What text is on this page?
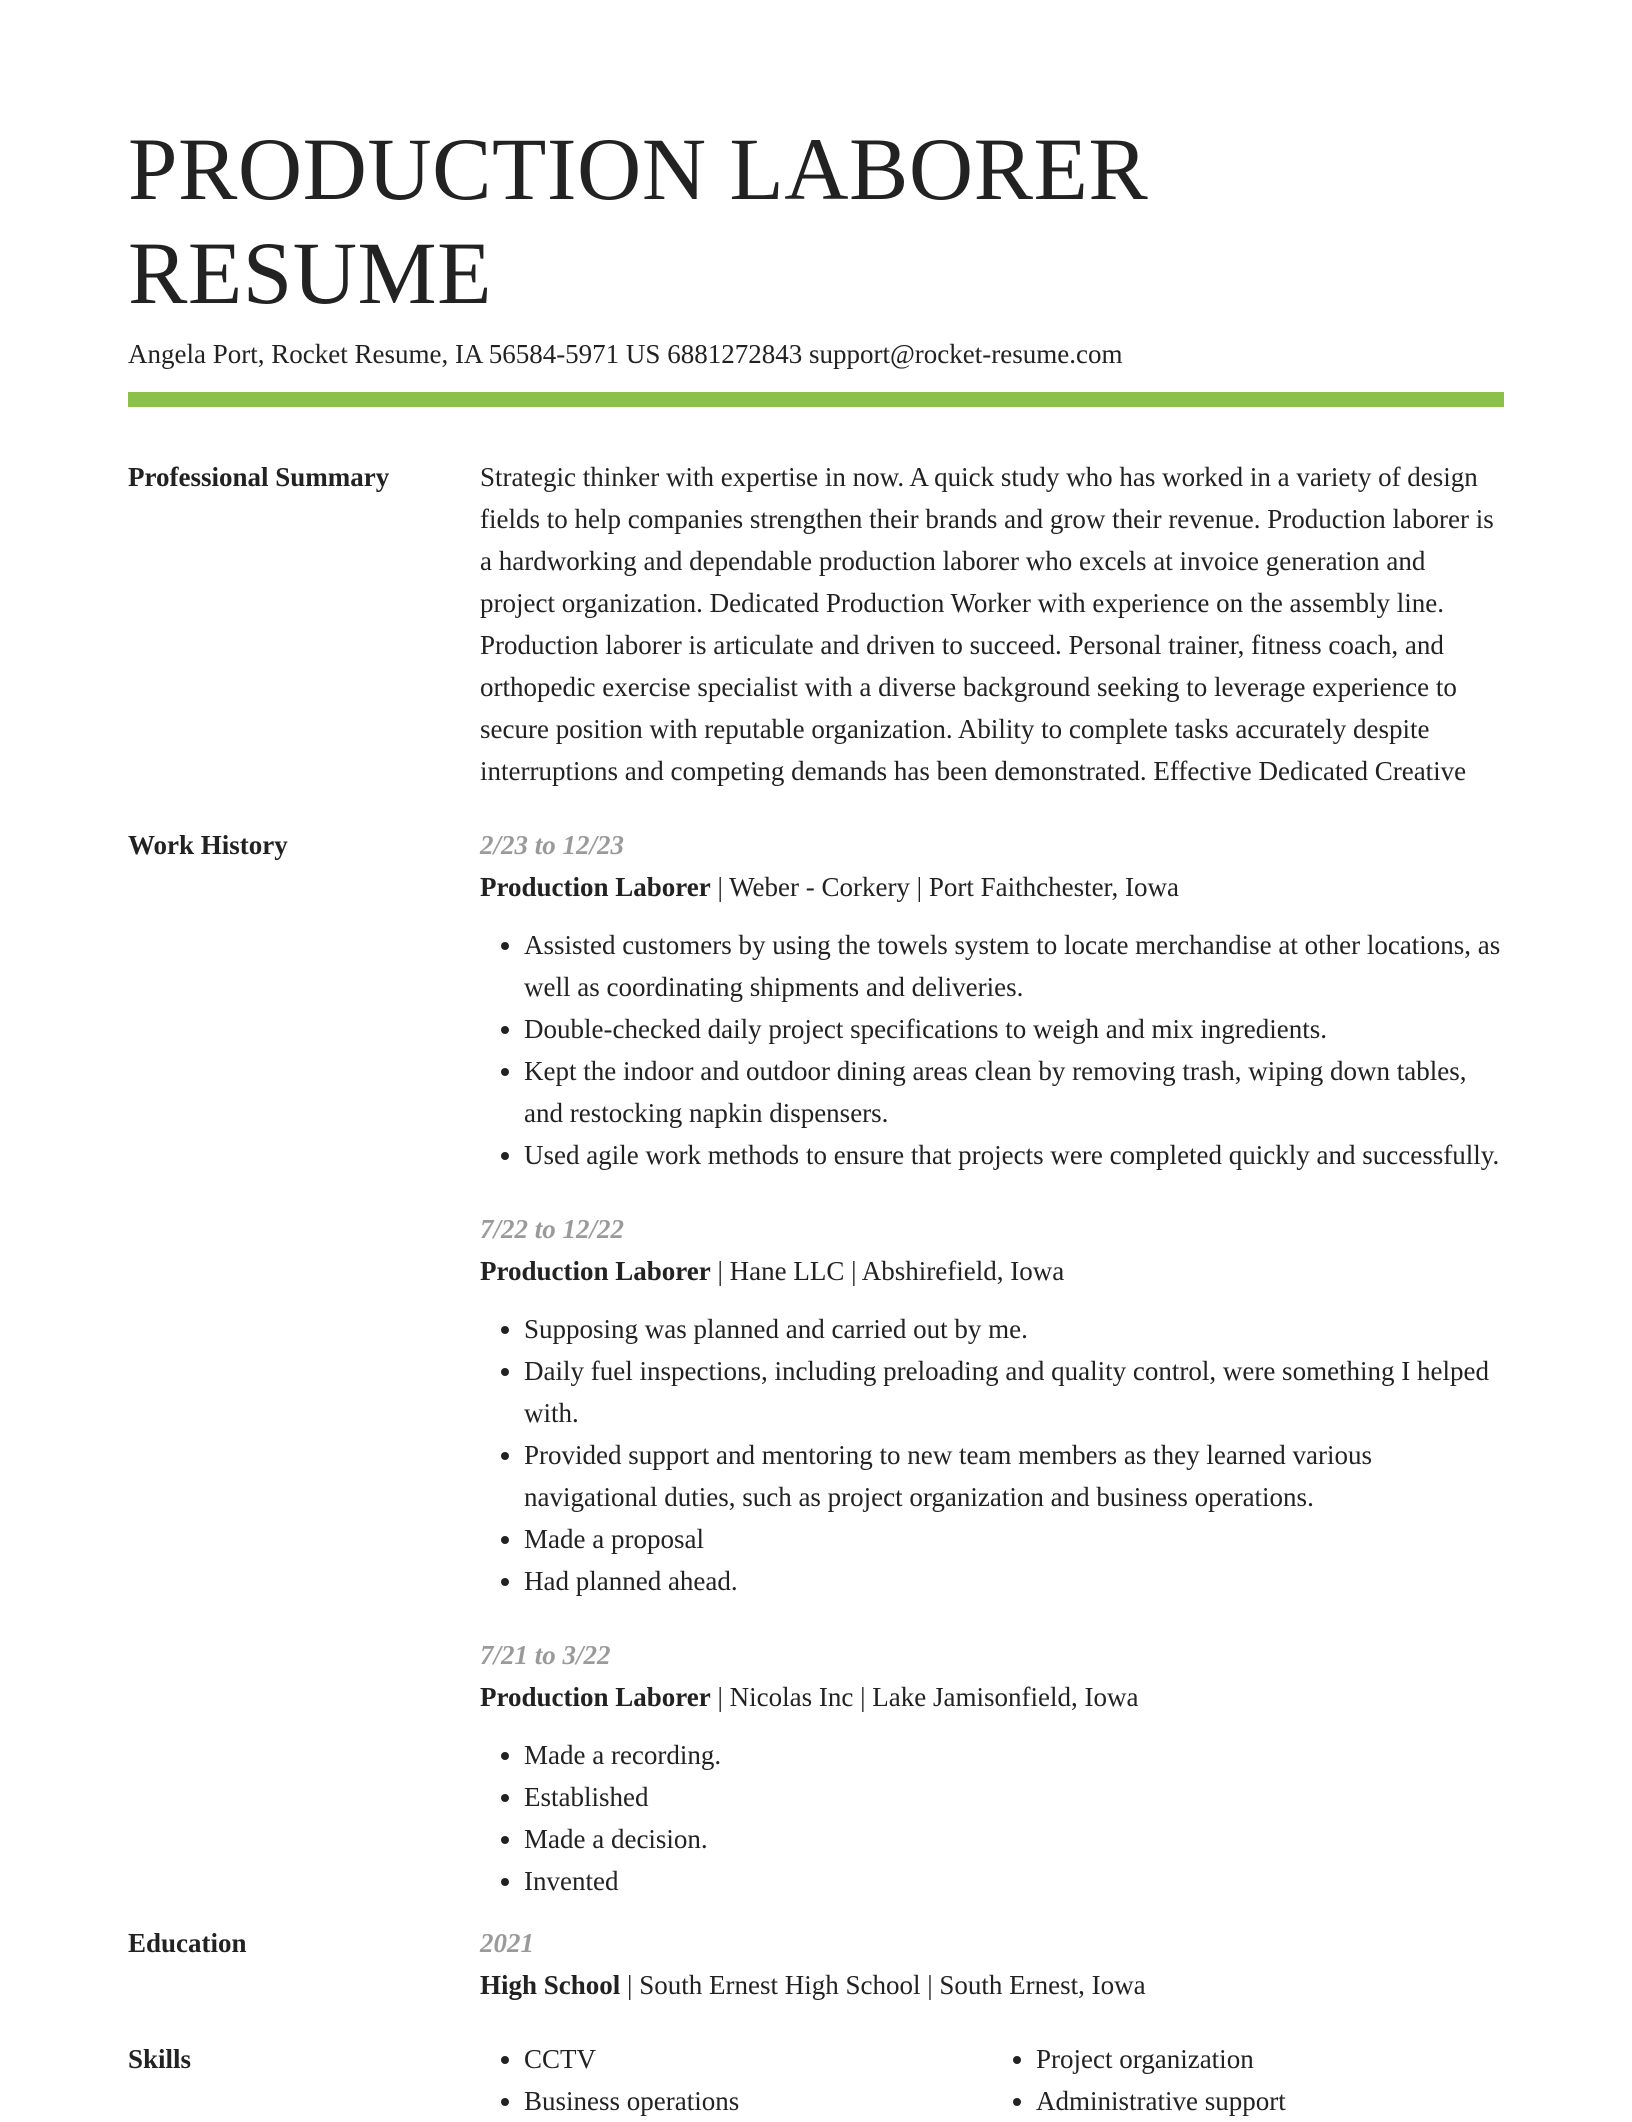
PRODUCTION LABORER RESUME
Angela Port, Rocket Resume, IA 56584-5971 US 6881272843 support@rocket-resume.com
Professional Summary	Strategic thinker with expertise in now. A quick study who has worked in a variety of design fields to help companies strengthen their brands and grow their revenue. Production laborer is a hardworking and dependable production laborer who excels at invoice generation and project organization. Dedicated Production Worker with experience on the assembly line. Production laborer is articulate and driven to succeed. Personal trainer, fitness coach, and orthopedic exercise specialist with a diverse background seeking to leverage experience to secure position with reputable organization. Ability to complete tasks accurately despite interruptions and competing demands has been demonstrated. Effective Dedicated Creative

Work History	2/23 to 12/23
Production Laborer | Weber - Corkery | Port Faithchester, Iowa
• Assisted customers by using the towels system to locate merchandise at other locations, as well as coordinating shipments and deliveries.
• Double-checked daily project specifications to weigh and mix ingredients.
• Kept the indoor and outdoor dining areas clean by removing trash, wiping down tables, and restocking napkin dispensers.
• Used agile work methods to ensure that projects were completed quickly and successfully.
7/22 to 12/22
Production Laborer | Hane LLC | Abshirefield, Iowa
• Supposing was planned and carried out by me.
• Daily fuel inspections, including preloading and quality control, were something I helped with.
• Provided support and mentoring to new team members as they learned various navigational duties, such as project organization and business operations.
• Made a proposal
• Had planned ahead.
7/21 to 3/22
Production Laborer | Nicolas Inc | Lake Jamisonfield, Iowa
• Made a recording.
• Established
• Made a decision.
• Invented
Education	2021
High School | South Ernest High School | South Ernest, Iowa
Skills
•	CCTV
• Business operations
• Project organization
• Administrative support
